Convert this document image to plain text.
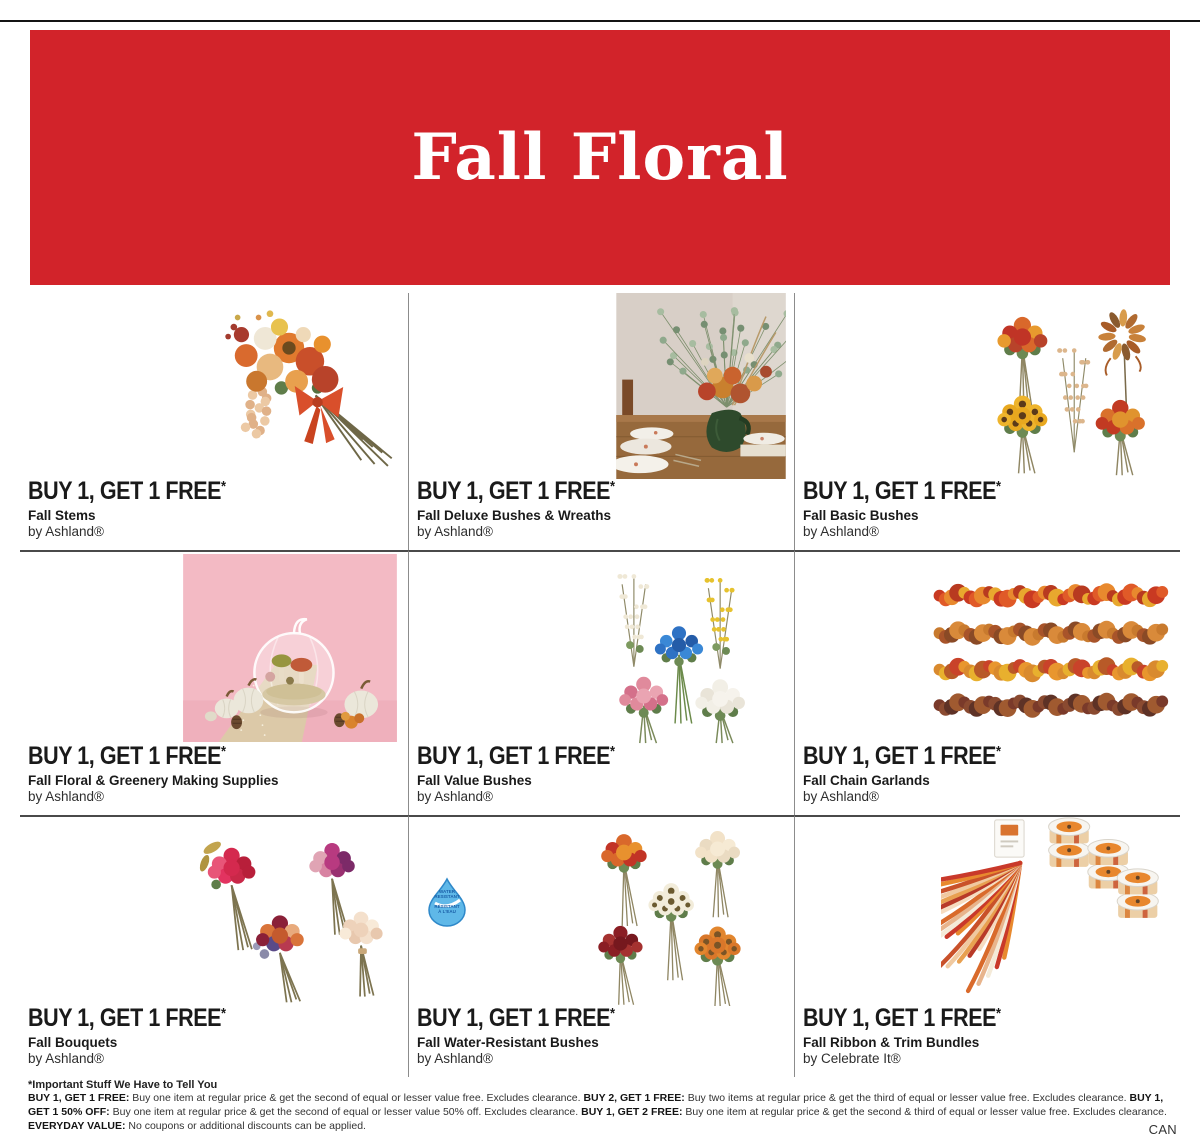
Fall Floral
BUY 1, GET 1 FREE*
Fall Stems
by Ashland®
BUY 1, GET 1 FREE*
Fall Deluxe Bushes & Wreaths
by Ashland®
BUY 1, GET 1 FREE*
Fall Basic Bushes
by Ashland®
BUY 1, GET 1 FREE*
Fall Floral & Greenery Making Supplies
by Ashland®
BUY 1, GET 1 FREE*
Fall Value Bushes
by Ashland®
BUY 1, GET 1 FREE*
Fall Chain Garlands
by Ashland®
BUY 1, GET 1 FREE*
Fall Bouquets
by Ashland®
BUY 1, GET 1 FREE*
Fall Water-Resistant Bushes
by Ashland®
WATER
RESISTANT
RÉSISTANT
À L'EAU
BUY 1, GET 1 FREE*
Fall Ribbon & Trim Bundles
by Celebrate It®
*Important Stuff We Have to Tell You

BUY 1, GET 1 FREE: Buy one item at regular price & get the second of equal or lesser value free. Excludes clearance. BUY 2, GET 1 FREE: Buy two items at regular price & get the third of equal or lesser value free. Excludes clearance. BUY 1, GET 1 50% OFF: Buy one item at regular price & get the second of equal or lesser value 50% off. Excludes clearance. BUY 1, GET 2 FREE: Buy one item at regular price & get the second & third of equal or lesser value free. Excludes clearance. EVERYDAY VALUE: No coupons or additional discounts can be applied.	CAN
